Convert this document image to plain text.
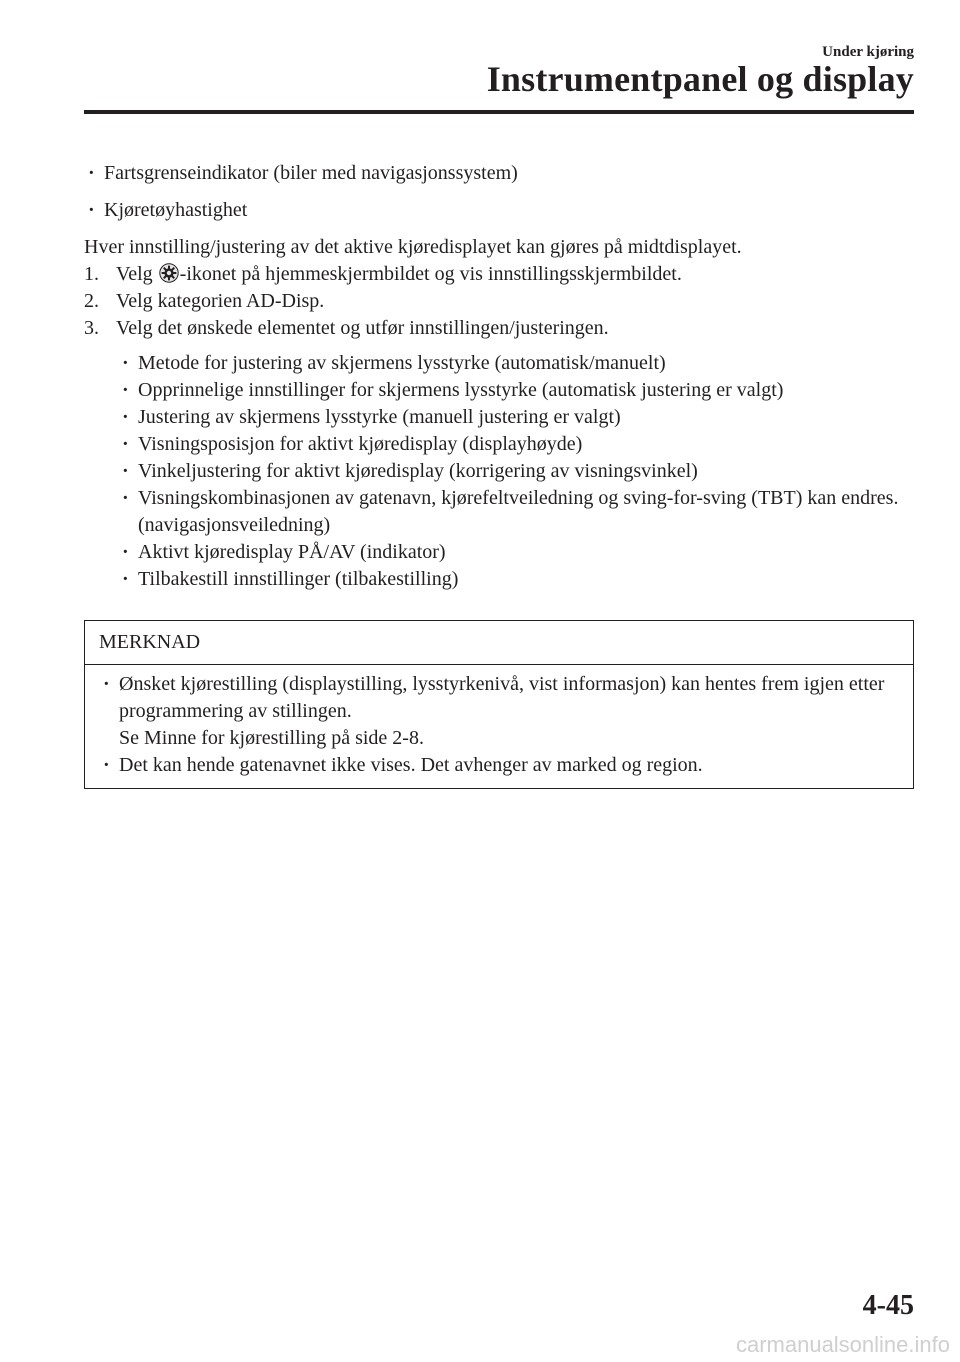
Under kjøring
Instrumentpanel og display
· Fartsgrenseindikator (biler med navigasjonssystem)
· Kjøretøyhastighet
Hver innstilling/justering av det aktive kjøredisplayet kan gjøres på midtdisplayet.
1. Velg -ikonet på hjemmeskjermbildet og vis innstillingsskjermbildet.
2. Velg kategorien AD-Disp.
3. Velg det ønskede elementet og utfør innstillingen/justeringen.
· Metode for justering av skjermens lysstyrke (automatisk/manuelt)
· Opprinnelige innstillinger for skjermens lysstyrke (automatisk justering er valgt)
· Justering av skjermens lysstyrke (manuell justering er valgt)
· Visningsposisjon for aktivt kjøredisplay (displayhøyde)
· Vinkeljustering for aktivt kjøredisplay (korrigering av visningsvinkel)
· Visningskombinasjonen av gatenavn, kjørefeltveiledning og sving-for-sving (TBT) kan endres. (navigasjonsveiledning)
· Aktivt kjøredisplay PÅ/AV (indikator)
· Tilbakestill innstillinger (tilbakestilling)
MERKNAD
· Ønsket kjørestilling (displaystilling, lysstyrkenivå, vist informasjon) kan hentes frem igjen etter programmering av stillingen.
Se Minne for kjørestilling på side 2-8.
· Det kan hende gatenavnet ikke vises. Det avhenger av marked og region.
4-45
carmanualsonline.info
